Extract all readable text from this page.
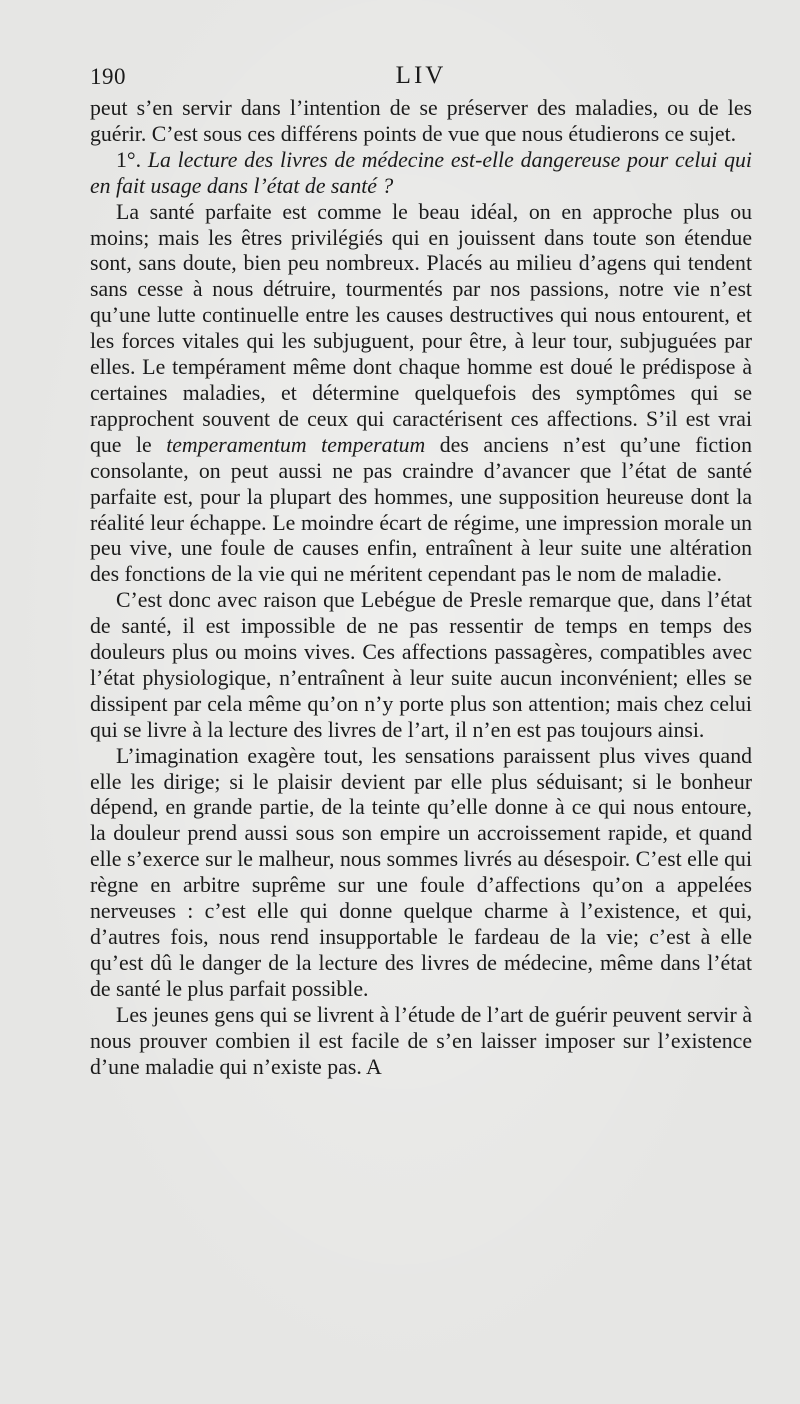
190	LIV

peut s’en servir dans l’intention de se préserver des maladies, ou de les guérir. C’est sous ces différens points de vue que nous étudierons ce sujet.

1°. La lecture des livres de médecine est-elle dangereuse pour celui qui en fait usage dans l’état de santé ?

La santé parfaite est comme le beau idéal, on en approche plus ou moins; mais les êtres privilégiés qui en jouissent dans toute son étendue sont, sans doute, bien peu nombreux. Placés au milieu d’agens qui tendent sans cesse à nous détruire, tourmentés par nos passions, notre vie n’est qu’une lutte continuelle entre les causes destructives qui nous entourent, et les forces vitales qui les subjuguent, pour être, à leur tour, subjuguées par elles. Le tempérament même dont chaque homme est doué le prédispose à certaines maladies, et détermine quelquefois des symptômes qui se rapprochent souvent de ceux qui caractérisent ces affections. S’il est vrai que le temperamentum temperatum des anciens n’est qu’une fiction consolante, on peut aussi ne pas craindre d’avancer que l’état de santé parfaite est, pour la plupart des hommes, une supposition heureuse dont la réalité leur échappe. Le moindre écart de régime, une impression morale un peu vive, une foule de causes enfin, entraînent à leur suite une altération des fonctions de la vie qui ne méritent cependant pas le nom de maladie.

C’est donc avec raison que Lebégue de Presle remarque que, dans l’état de santé, il est impossible de ne pas ressentir de temps en temps des douleurs plus ou moins vives. Ces affections passagères, compatibles avec l’état physiologique, n’entraînent à leur suite aucun inconvénient; elles se dissipent par cela même qu’on n’y porte plus son attention; mais chez celui qui se livre à la lecture des livres de l’art, il n’en est pas toujours ainsi.

L’imagination exagère tout, les sensations paraissent plus vives quand elle les dirige; si le plaisir devient par elle plus séduisant; si le bonheur dépend, en grande partie, de la teinte qu’elle donne à ce qui nous entoure, la douleur prend aussi sous son empire un accroissement rapide, et quand elle s’exerce sur le malheur, nous sommes livrés au désespoir. C’est elle qui règne en arbitre suprême sur une foule d’affections qu’on a appelées nerveuses : c’est elle qui donne quelque charme à l’existence, et qui, d’autres fois, nous rend insupportable le fardeau de la vie; c’est à elle qu’est dû le danger de la lecture des livres de médecine, même dans l’état de santé le plus parfait possible.

Les jeunes gens qui se livrent à l’étude de l’art de guérir peuvent servir à nous prouver combien il est facile de s’en laisser imposer sur l’existence d’une maladie qui n’existe pas. A
